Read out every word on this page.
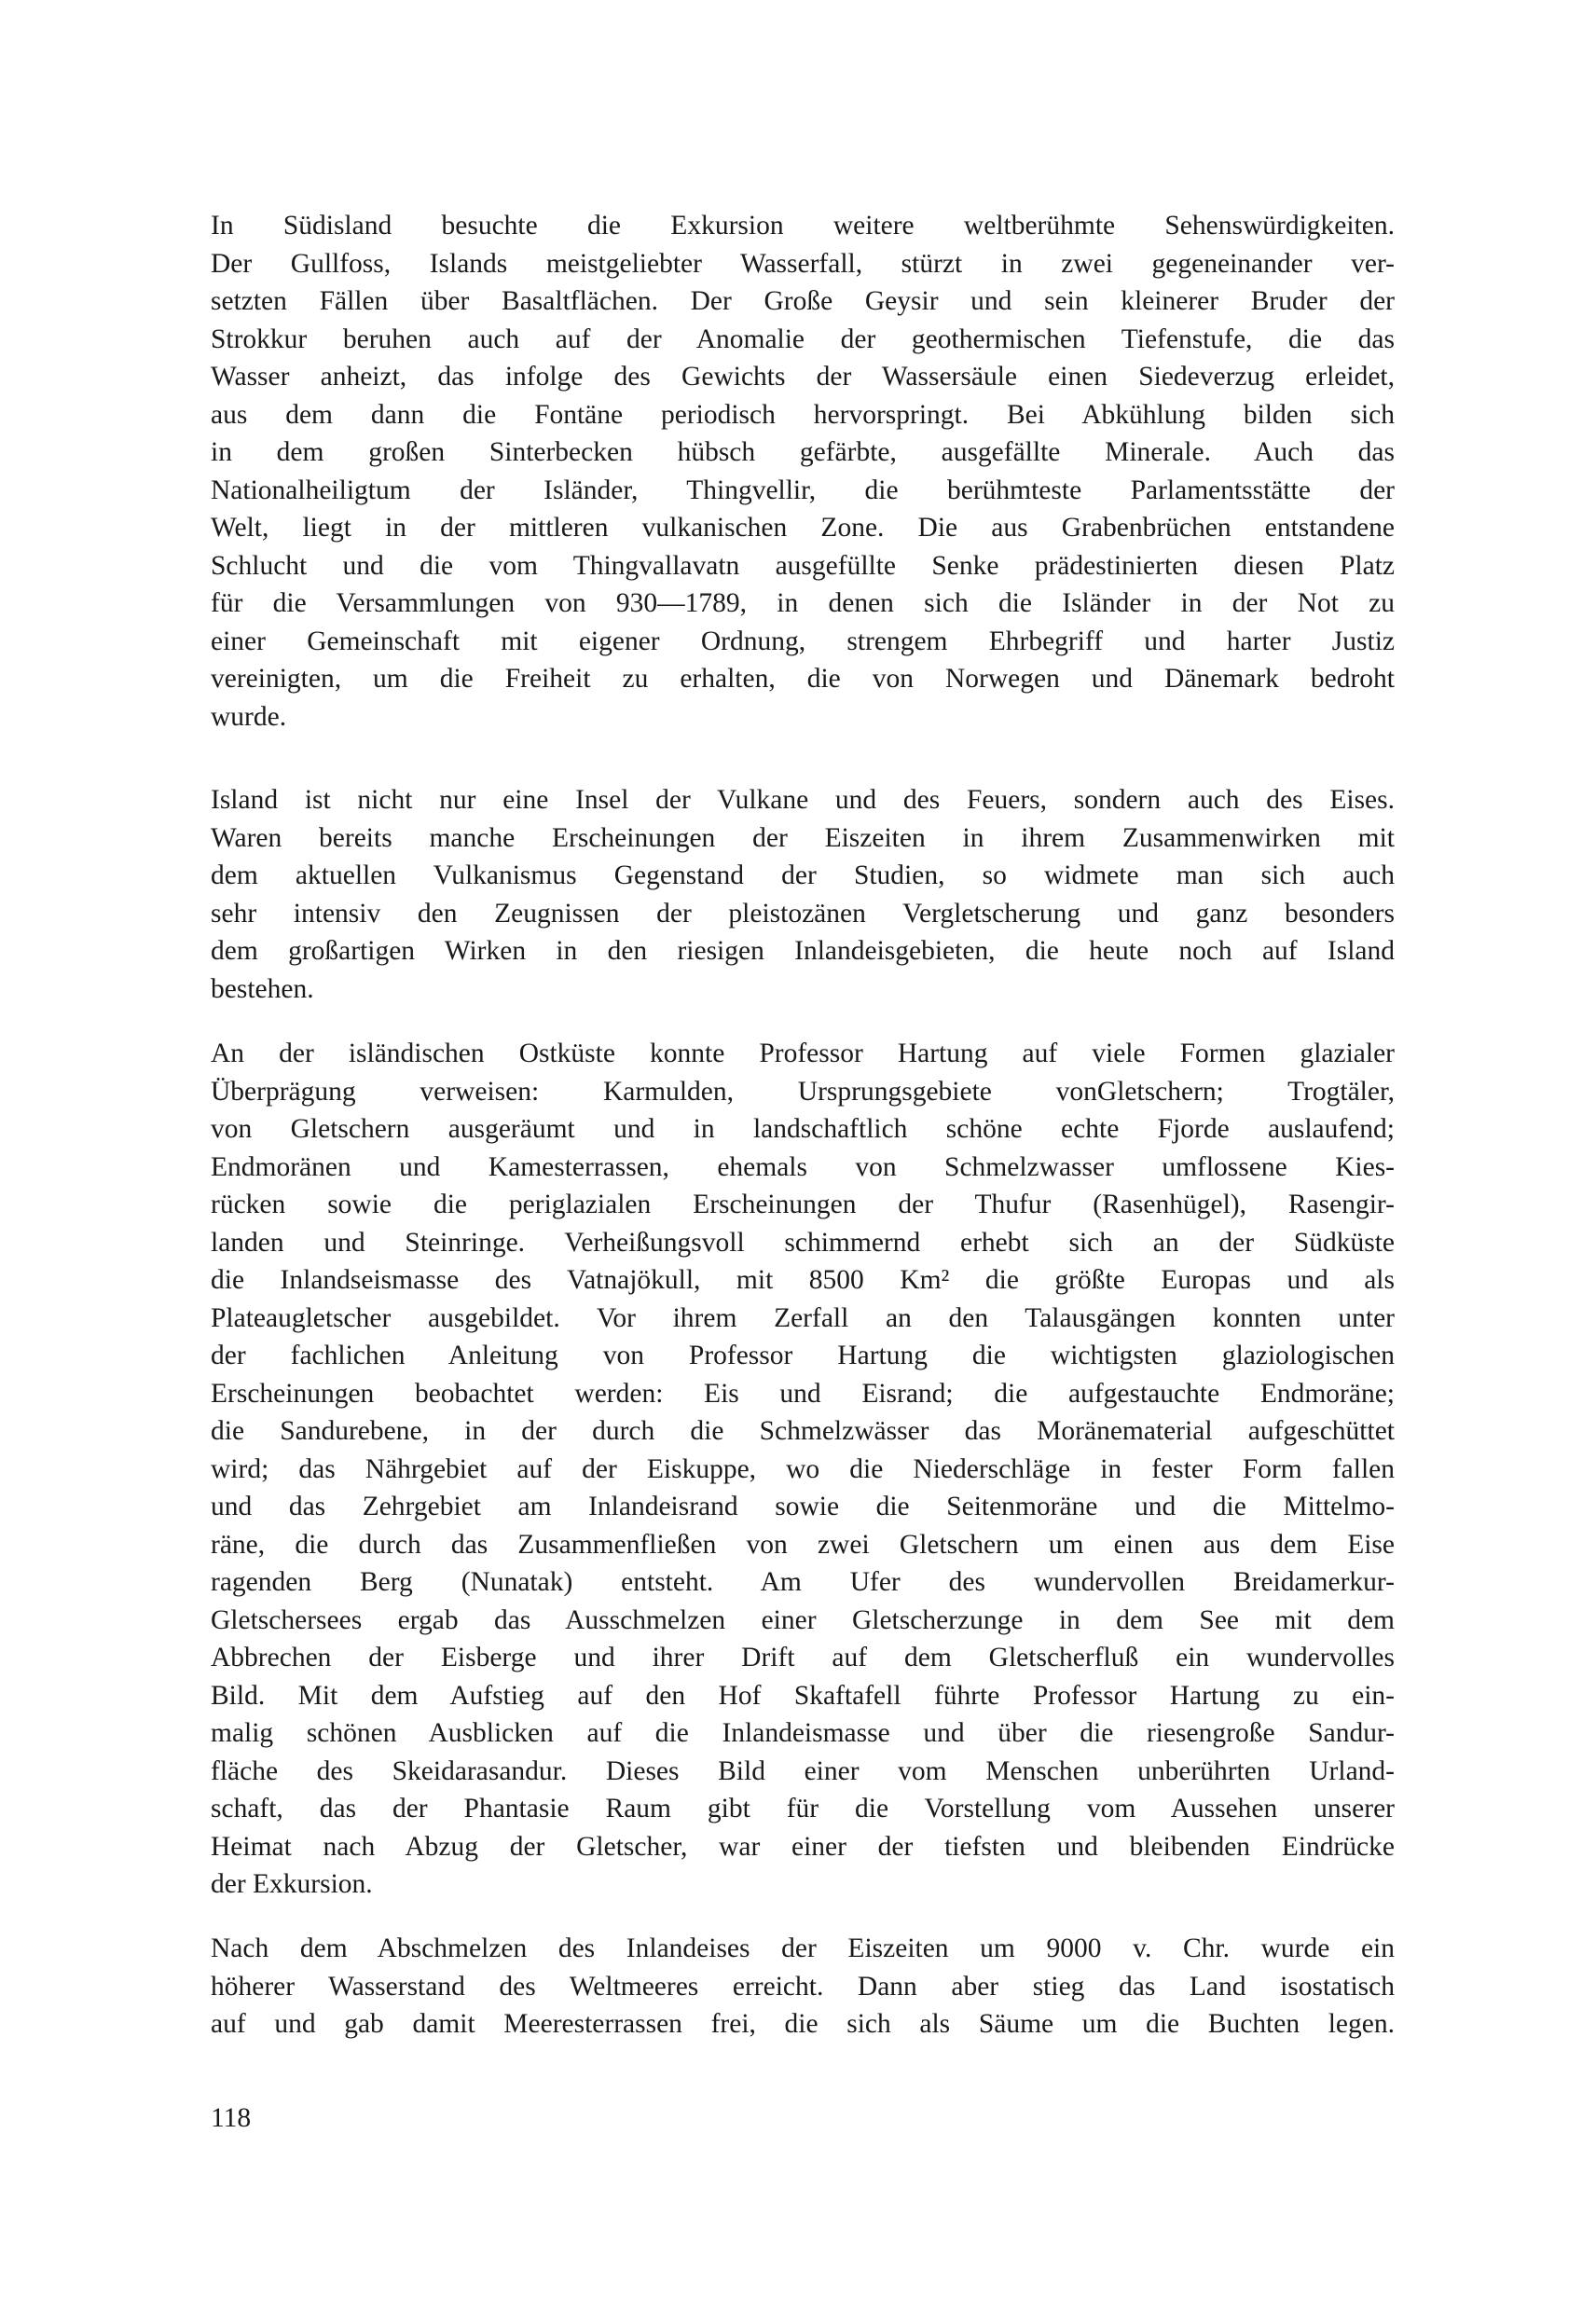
In Südisland besuchte die Exkursion weitere weltberühmte Sehenswürdigkeiten.
Der Gullfoss, Islands meistgeliebter Wasserfall, stürzt in zwei gegeneinander ver-
setzten Fällen über Basaltflächen. Der Große Geysir und sein kleinerer Bruder der
Strokkur beruhen auch auf der Anomalie der geothermischen Tiefenstufe, die das
Wasser anheizt, das infolge des Gewichts der Wassersäule einen Siedeverzug erleidet,
aus dem dann die Fontäne periodisch hervorspringt. Bei Abkühlung bilden sich
in dem großen Sinterbecken hübsch gefärbte, ausgefällte Minerale. Auch das
Nationalheiligtum der Isländer, Thingvellir, die berühmteste Parlamentsstätte der
Welt, liegt in der mittleren vulkanischen Zone. Die aus Grabenbrüchen entstandene
Schlucht und die vom Thingvallavatn ausgefüllte Senke prädestinierten diesen Platz
für die Versammlungen von 930—1789, in denen sich die Isländer in der Not zu
einer Gemeinschaft mit eigener Ordnung, strengem Ehrbegriff und harter Justiz
vereinigten, um die Freiheit zu erhalten, die von Norwegen und Dänemark bedroht
wurde.
Island ist nicht nur eine Insel der Vulkane und des Feuers, sondern auch des Eises.
Waren bereits manche Erscheinungen der Eiszeiten in ihrem Zusammenwirken mit
dem aktuellen Vulkanismus Gegenstand der Studien, so widmete man sich auch
sehr intensiv den Zeugnissen der pleistozänen Vergletscherung und ganz besonders
dem großartigen Wirken in den riesigen Inlandeisgebieten, die heute noch auf Island
bestehen.
An der isländischen Ostküste konnte Professor Hartung auf viele Formen glazialer
Überprägung verweisen: Karmulden, Ursprungsgebiete vonGletschern; Trogtäler,
von Gletschern ausgeräumt und in landschaftlich schöne echte Fjorde auslaufend;
Endmoränen und Kamesterrassen, ehemals von Schmelzwasser umflossene Kies-
rücken sowie die periglazialen Erscheinungen der Thufur (Rasenhügel), Rasengir-
landen und Steinringe. Verheißungsvoll schimmernd erhebt sich an der Südküste
die Inlandseismasse des Vatnajökull, mit 8500 Km² die größte Europas und als
Plateaugletscher ausgebildet. Vor ihrem Zerfall an den Talausgängen konnten unter
der fachlichen Anleitung von Professor Hartung die wichtigsten glaziologischen
Erscheinungen beobachtet werden: Eis und Eisrand; die aufgestauchte Endmoräne;
die Sandurebene, in der durch die Schmelzwässer das Moränematerial aufgeschüttet
wird; das Nährgebiet auf der Eiskuppe, wo die Niederschläge in fester Form fallen
und das Zehrgebiet am Inlandeisrand sowie die Seitenmoräne und die Mittelmo-
räne, die durch das Zusammenfließen von zwei Gletschern um einen aus dem Eise
ragenden Berg (Nunatak) entsteht. Am Ufer des wundervollen Breidamerkur-
Gletschersees ergab das Ausschmelzen einer Gletscherzunge in dem See mit dem
Abbrechen der Eisberge und ihrer Drift auf dem Gletscherfluß ein wundervolles
Bild. Mit dem Aufstieg auf den Hof Skaftafell führte Professor Hartung zu ein-
malig schönen Ausblicken auf die Inlandeismasse und über die riesengroße Sandur-
fläche des Skeidarasandur. Dieses Bild einer vom Menschen unberührten Urland-
schaft, das der Phantasie Raum gibt für die Vorstellung vom Aussehen unserer
Heimat nach Abzug der Gletscher, war einer der tiefsten und bleibenden Eindrücke
der Exkursion.
Nach dem Abschmelzen des Inlandeises der Eiszeiten um 9000 v. Chr. wurde ein
höherer Wasserstand des Weltmeeres erreicht. Dann aber stieg das Land isostatisch
auf und gab damit Meeresterrassen frei, die sich als Säume um die Buchten legen.
118
